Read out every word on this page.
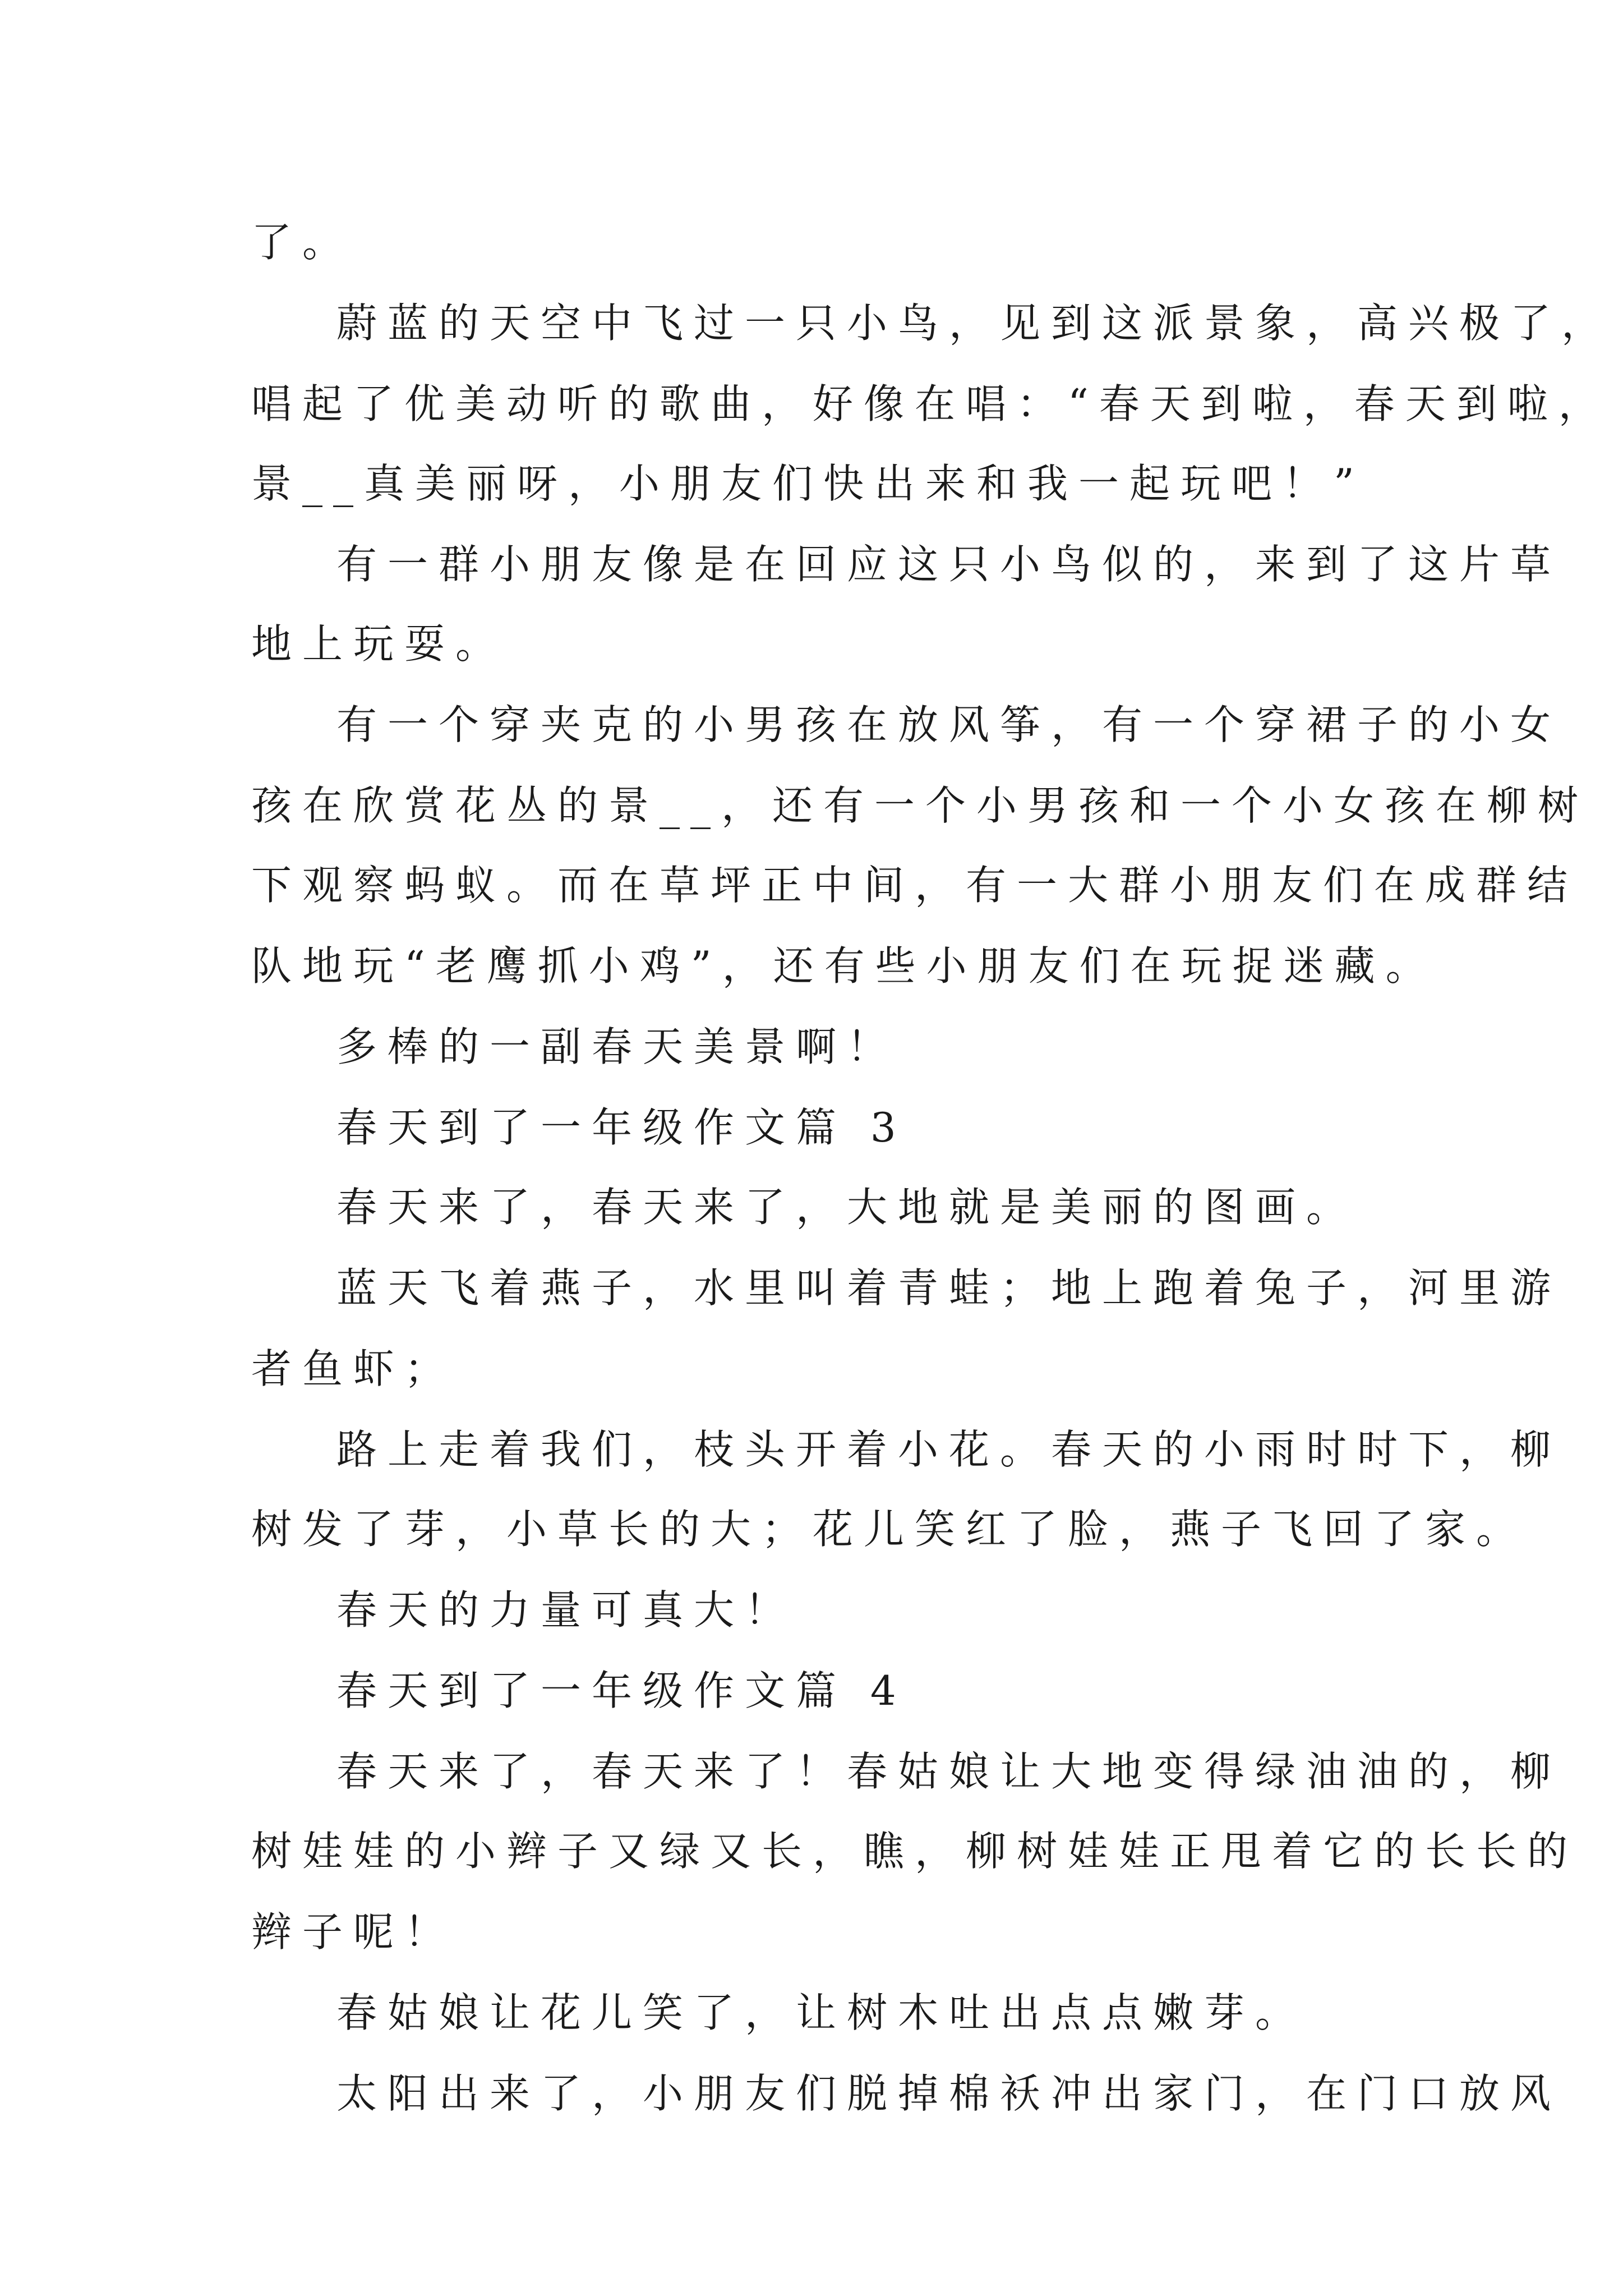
了。
蔚蓝的天空中飞过一只小鸟，见到这派景象，高兴极了，
唱起了优美动听的歌曲，好像在唱：“春天到啦，春天到啦，
景__真美丽呀，小朋友们快出来和我一起玩吧！”
有一群小朋友像是在回应这只小鸟似的，来到了这片草
地上玩耍。
有一个穿夹克的小男孩在放风筝，有一个穿裙子的小女
孩在欣赏花丛的景__，还有一个小男孩和一个小女孩在柳树
下观察蚂蚁。而在草坪正中间，有一大群小朋友们在成群结
队地玩“老鹰抓小鸡”，还有些小朋友们在玩捉迷藏。
多棒的一副春天美景啊！
春天到了一年级作文篇 3
春天来了，春天来了，大地就是美丽的图画。
蓝天飞着燕子，水里叫着青蛙；地上跑着兔子，河里游
者鱼虾；
路上走着我们，枝头开着小花。春天的小雨时时下，柳
树发了芽，小草长的大；花儿笑红了脸，燕子飞回了家。
春天的力量可真大！
春天到了一年级作文篇 4
春天来了，春天来了！春姑娘让大地变得绿油油的，柳
树娃娃的小辫子又绿又长，瞧，柳树娃娃正甩着它的长长的
辫子呢！
春姑娘让花儿笑了，让树木吐出点点嫩芽。
太阳出来了，小朋友们脱掉棉袄冲出家门，在门口放风
